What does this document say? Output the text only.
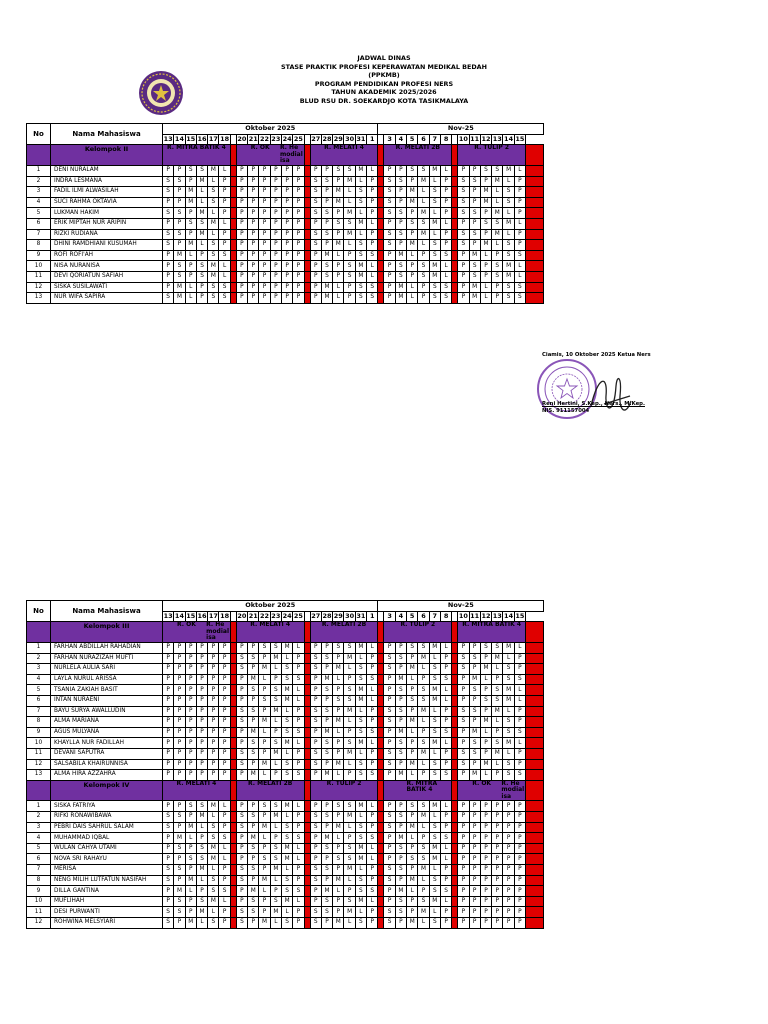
JADWAL DINAS
STASE PRAKTIK PROFESI KEPERAWATAN MEDIKAL BEDAH
(PPKMB)
PROGRAM PENDIDIKAN PROFESI NERS
TAHUN AKADEMIK 2025/2026
BLUD RSU DR. SOEKARDJO KOTA TASIKMALAYA
No	Nama Mahasiswa	Oktober 2025																				Nov-25														
		13	14	15	16	17	18		20	21	22	23	24	25		27	28	29	30	31	1		3	4	5	6	7	8		10	11	12	13	14	15	

	Kelompok II	R. MITRA BATIK 4							R. OK R. Hemodialisa							R. MELATI 4							R. MELATI 2B							R. TULIP 2						

1	DENI NURALAM	P	P	S	S	M	L		P	P	P	P	P	P		P	P	S	S	M	L		P	P	S	S	M	L		P	P	S	S	M	L	
2	INDRA LESMANA	S	S	P	M	L	P		P	P	P	P	P	P		S	S	P	M	L	P		S	S	P	M	L	P		S	S	P	M	L	P	
3	FADIL ILMI ALWASILAH	S	P	M	L	S	P		P	P	P	P	P	P		S	P	M	L	S	P		S	P	M	L	S	P		S	P	M	L	S	P	
4	SUCI RAHMA OKTAVIA	P	P	M	L	S	P		P	P	P	P	P	P		S	P	M	L	S	P		S	P	M	L	S	P		S	P	M	L	S	P	
5	LUKMAN HAKIM	S	S	P	M	L	P		P	P	P	P	P	P		S	S	P	M	L	P		S	S	P	M	L	P		S	S	P	M	L	P	
6	ERIK MIPTAH NUR ARIPIN	P	P	S	S	M	L		P	P	P	P	P	P		P	P	S	S	M	L		P	P	S	S	M	L		P	P	S	S	M	L	
7	RIZKI RUDIANA	S	S	P	M	L	P		P	P	P	P	P	P		S	S	P	M	L	P		S	S	P	M	L	P		S	S	P	M	L	P	
8	DHINI RAMDHIANI KUSUMAH	S	P	M	L	S	P		P	P	P	P	P	P		S	P	M	L	S	P		S	P	M	L	S	P		S	P	M	L	S	P	
9	ROFI ROFI'AH	P	M	L	P	S	S		P	P	P	P	P	P		P	M	L	P	S	S		P	M	L	P	S	S		P	M	L	P	S	S	
10	NISA NURANISA	P	S	P	S	M	L		P	P	P	P	P	P		P	S	P	S	M	L		P	S	P	S	M	L		P	S	P	S	M	L	
11	DEVI QORIATUN SAFIAH	P	S	P	S	M	L		P	P	P	P	P	P		P	S	P	S	M	L		P	S	P	S	M	L		P	S	P	S	M	L	
12	SISKA SUSILAWATI	P	M	L	P	S	S		P	P	P	P	P	P		P	M	L	P	S	S		P	M	L	P	S	S		P	M	L	P	S	S	
13	NUR WIFA SAPIRA	S	M	L	P	S	S		P	P	P	P	P	P		P	M	L	P	S	S		P	M	L	P	S	S		P	M	L	P	S	S	
No	Nama Mahasiswa	Oktober 2025																				Nov-25														
		13	14	15	16	17	18		20	21	22	23	24	25		27	28	29	30	31	1		3	4	5	6	7	8		10	11	12	13	14	15	

	Kelompok III	R. OK R. Hemodialisa							R. MELATI 4							R. MELATI 2B							R. TULIP 2							R. MITRA BATIK 4						

1	FARHAN ABDILLAH RAHADIAN	P	P	P	P	P	P		P	P	S	S	M	L		P	P	S	S	M	L		P	P	S	S	M	L		P	P	S	S	M	L	
2	FARHAN NURAZIZAH MUFTI	P	P	P	P	P	P		S	S	P	M	L	P		S	S	P	M	L	P		S	S	P	M	L	P		S	S	P	M	L	P	
3	NURLELA AULIA SARI	P	P	P	P	P	P		S	P	M	L	S	P		S	P	M	L	S	P		S	P	M	L	S	P		S	P	M	L	S	P	
4	LAYLA NURUL ARISSA	P	P	P	P	P	P		P	M	L	P	S	S		P	M	L	P	S	S		P	M	L	P	S	S		P	M	L	P	S	S	
5	TSANIA ZAKIAH BASIT	P	P	P	P	P	P		P	S	P	S	M	L		P	S	P	S	M	L		P	S	P	S	M	L		P	S	P	S	M	L	
6	INTAN NURAENI	P	P	P	P	P	P		P	P	S	S	M	L		P	P	S	S	M	L		P	P	S	S	M	L		P	P	S	S	M	L	
7	BAYU SURYA AWALLUDIN	P	P	P	P	P	P		S	S	P	M	L	P		S	S	P	M	L	P		S	S	P	M	L	P		S	S	P	M	L	P	
8	ALMA MARIANA	P	P	P	P	P	P		S	P	M	L	S	P		S	P	M	L	S	P		S	P	M	L	S	P		S	P	M	L	S	P	
9	AGUS MULYANA	P	P	P	P	P	P		P	M	L	P	S	S		P	M	L	P	S	S		P	M	L	P	S	S		P	M	L	P	S	S	
10	KHAYLLA NUR FADILLAH	P	P	P	P	P	P		P	S	P	S	M	L		P	S	P	S	M	L		P	S	P	S	M	L		P	S	P	S	M	L	
11	DEVANI SAPUTRA	P	P	P	P	P	P		S	S	P	M	L	P		S	S	P	M	L	P		S	S	P	M	L	P		S	S	P	M	L	P	
12	SALSABILA KHAIRUNNISA	P	P	P	P	P	P		S	P	M	L	S	P		S	P	M	L	S	P		S	P	M	L	S	P		S	P	M	L	S	P	
13	ALMA HIRA AZZAHRA	P	P	P	P	P	P		P	M	L	P	S	S		P	M	L	P	S	S		P	M	L	P	S	S		P	M	L	P	S	S	

	Kelompok IV	R. MELATI 4							R. MELATI 2B							R. TULIP 2							R. MITRA
BATIK 4							R. OK R. Hemodialisa						

1	SISKA FATRIYA	P	P	S	S	M	L		P	P	S	S	M	L		P	P	S	S	M	L		P	P	S	S	M	L		P	P	P	P	P	P	
2	RIFKI RONAWIBAWA	S	S	P	M	L	P		S	S	P	M	L	P		S	S	P	M	L	P		S	S	P	M	L	P		P	P	P	P	P	P	
3	PEBRI DAIS SAHRUL SALAM	S	P	M	L	S	P		S	P	M	L	S	P		S	P	M	L	S	P		S	P	M	L	S	P		P	P	P	P	P	P	
4	MUHAMMAD IQBAL	P	M	L	P	S	S		P	M	L	P	S	S		P	M	L	P	S	S		P	M	L	P	S	S		P	P	P	P	P	P	
5	WULAN CAHYA UTAMI	P	S	P	S	M	L		P	S	P	S	M	L		P	S	P	S	M	L		P	S	P	S	M	L		P	P	P	P	P	P	
6	NOVA SRI RAHAYU	P	P	S	S	M	L		P	P	S	S	M	L		P	P	S	S	M	L		P	P	S	S	M	L		P	P	P	P	P	P	
7	MERISA	S	S	P	M	L	P		S	S	P	M	L	P		S	S	P	M	L	P		S	S	P	M	L	P		P	P	P	P	P	P	
8	NENG MILIH LUTFATUN NASIFAH	S	P	M	L	S	P		S	P	M	L	S	P		S	P	M	L	S	P		S	P	M	L	S	P		P	P	P	P	P	P	
9	DILLA GANTINA	P	M	L	P	S	S		P	M	L	P	S	S		P	M	L	P	S	S		P	M	L	P	S	S		P	P	P	P	P	P	
10	MUFLIHAH	P	S	P	S	M	L		P	S	P	S	M	L		P	S	P	S	M	L		P	S	P	S	M	L		P	P	P	P	P	P	
11	DESI PURWANTI	S	S	P	M	L	P		S	S	P	M	L	P		S	S	P	M	L	P		S	S	P	M	L	P		P	P	P	P	P	P	
12	ROHWINA MELSYIARI	S	P	M	L	S	P		S	P	M	L	S	P		S	P	M	L	S	P		S	P	M	L	S	P		P	P	P	P	P	P	
Ciamis, 10 Oktober 2025 Ketua Ners
Reni Hertini, S.Kep., Ners., M.Kep.
NIS. 911157004
